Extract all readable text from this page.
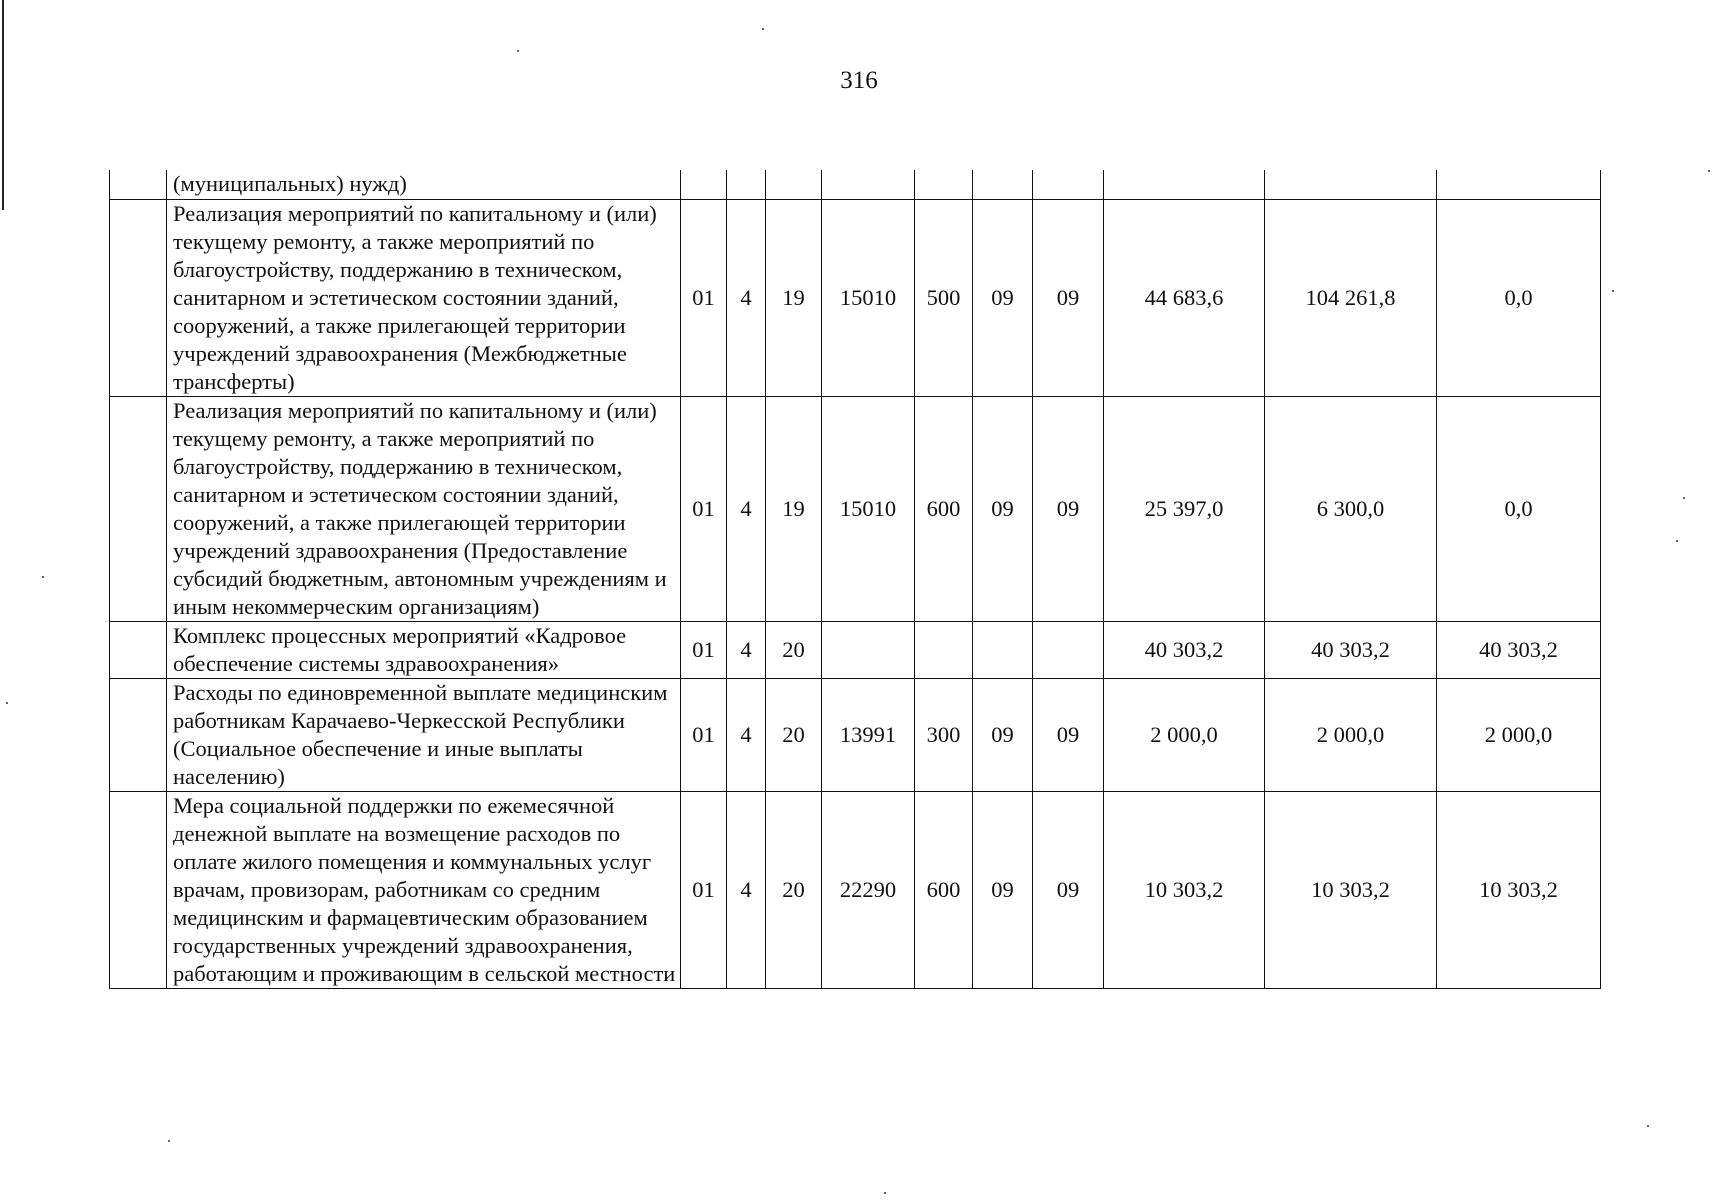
316
	(муниципальных) нужд)										
	Реализация мероприятий по капитальному и (или) текущему ремонту, а также мероприятий по благоустройству, поддержанию в техническом, санитарном и эстетическом состоянии зданий, сооружений, а также прилегающей территории учреждений здравоохранения (Межбюджетные трансферты)	01	4	19	15010	500	09	09	44 683,6	104 261,8	0,0
	Реализация мероприятий по капитальному и (или) текущему ремонту, а также мероприятий по благоустройству, поддержанию в техническом, санитарном и эстетическом состоянии зданий, сооружений, а также прилегающей территории учреждений здравоохранения (Предоставление субсидий бюджетным, автономным учреждениям и иным некоммерческим организациям)	01	4	19	15010	600	09	09	25 397,0	6 300,0	0,0
	Комплекс процессных мероприятий «Кадровое обеспечение системы здравоохранения»	01	4	20					40 303,2	40 303,2	40 303,2
	Расходы по единовременной выплате медицинским работникам Карачаево-Черкесской Республики (Социальное обеспечение и иные выплаты населению)	01	4	20	13991	300	09	09	2 000,0	2 000,0	2 000,0
	Мера социальной поддержки по ежемесячной денежной выплате на возмещение расходов по оплате жилого помещения и коммунальных услуг врачам, провизорам, работникам со средним медицинским и фармацевтическим образованием государственных учреждений здравоохранения, работающим и проживающим в сельской местности	01	4	20	22290	600	09	09	10 303,2	10 303,2	10 303,2
